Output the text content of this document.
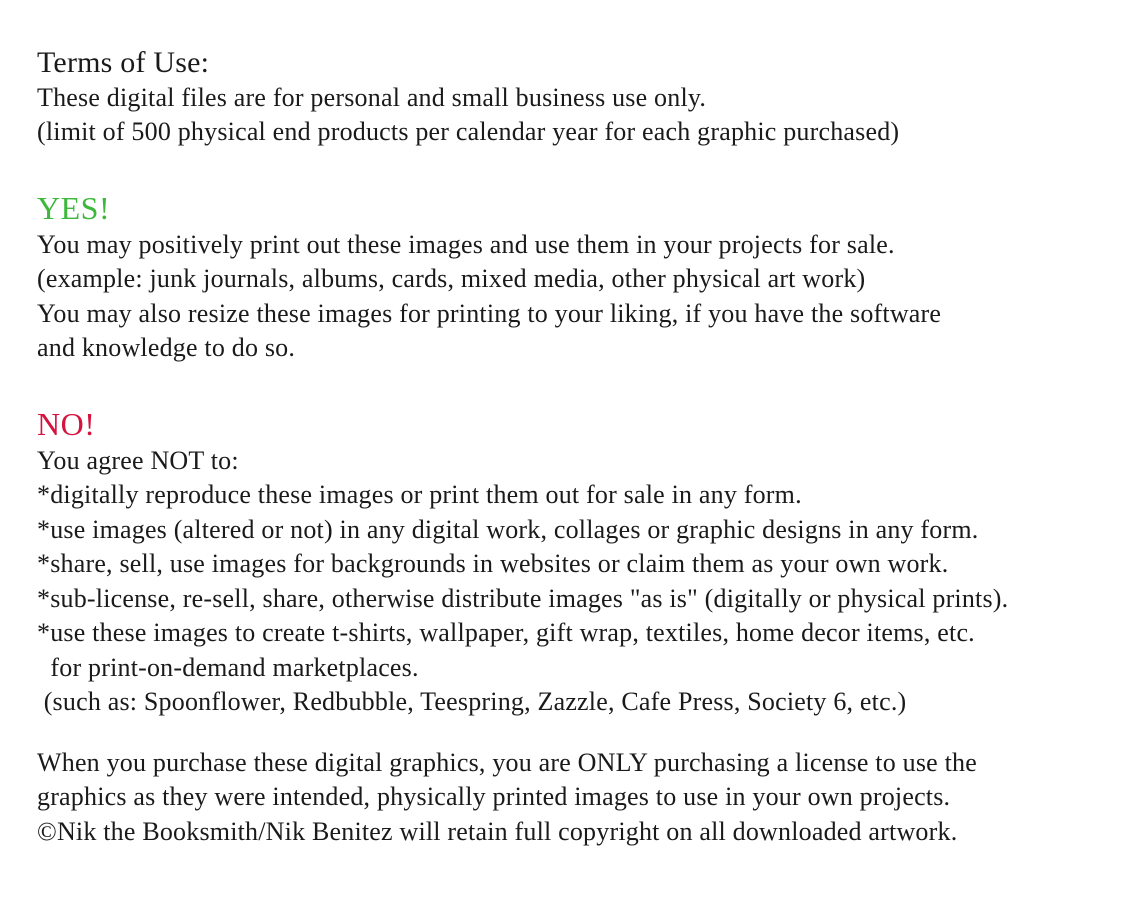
Terms of Use:
These digital files are for personal and small business use only.
(limit of 500 physical end products per calendar year for each graphic purchased)
YES!
You may positively print out these images and use them in your projects for sale.
(example: junk journals, albums, cards, mixed media, other physical art work)
You may also resize these images for printing to your liking, if you have the software
and knowledge to do so.
NO!
You agree NOT to:
*digitally reproduce these images or print them out for sale in any form.
*use images (altered or not) in any digital work, collages or graphic designs in any form.
*share, sell, use images for backgrounds in websites or claim them as your own work.
*sub-license, re-sell, share, otherwise distribute images "as is" (digitally or physical prints).
*use these images to create t-shirts, wallpaper, gift wrap, textiles, home decor items, etc.
for print-on-demand marketplaces.
(such as: Spoonflower, Redbubble, Teespring, Zazzle, Cafe Press, Society 6, etc.)
When you purchase these digital graphics, you are ONLY purchasing a license to use the
graphics as they were intended, physically printed images to use in your own projects.
©Nik the Booksmith/Nik Benitez will retain full copyright on all downloaded artwork.
